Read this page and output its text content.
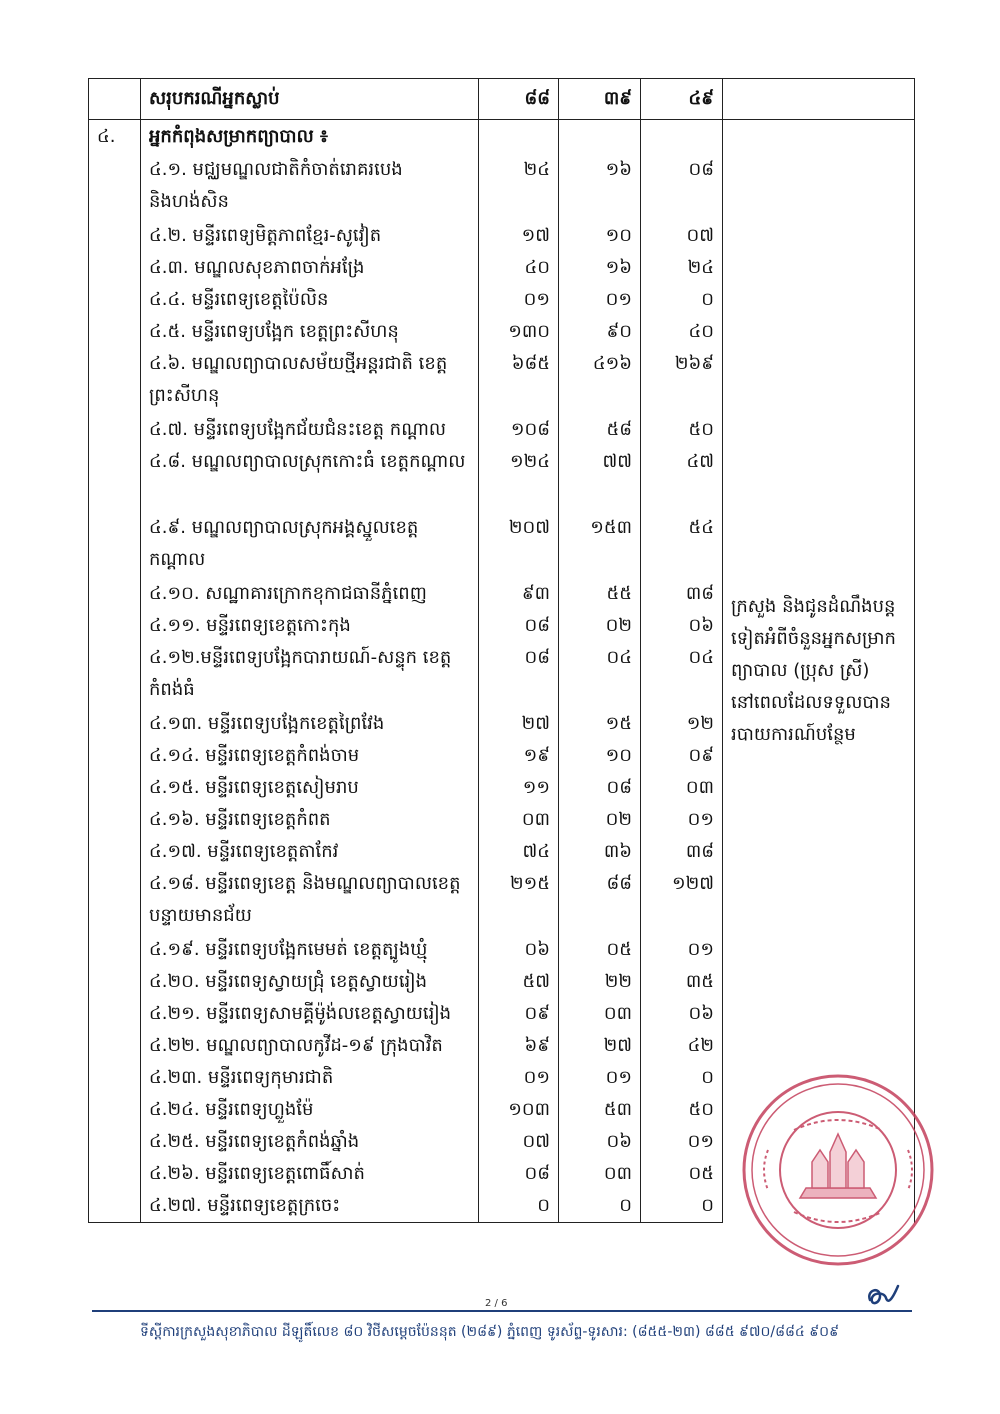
	សរុបករណីអ្នកស្លាប់	៨៨	៣៩	៤៩	
៤.	អ្នកកំពុងសម្រាកព្យាបាល ៖				ក្រសួង និងជូនដំណឹងបន្តទៀតអំពីចំនួនអ្នកសម្រាកព្យាបាល (ប្រុស ស្រី) នៅពេលដែលទទួលបានរបាយការណ៍បន្ថែម
	៤.១. មជ្ឈមណ្ឌលជាតិកំចាត់រោគរបេង និងហង់សិន	២៤	១៦	០៨	
	៤.២. មន្ទីរពេទ្យមិត្តភាពខ្មែរ-សូវៀត	១៧	១០	០៧	
	៤.៣. មណ្ឌលសុខភាពចាក់អង្រែ	៤០	១៦	២៤	
	៤.៤. មន្ទីរពេទ្យខេត្តប៉ៃលិន	០១	០១	០	
	៤.៥. មន្ទីរពេទ្យបង្អែក ខេត្តព្រះសីហនុ	១៣០	៩០	៤០	
	៤.៦. មណ្ឌលព្យាបាលសម័យថ្មីអន្តរជាតិ ខេត្តព្រះសីហនុ	៦៨៥	៤១៦	២៦៩	
	៤.៧. មន្ទីរពេទ្យបង្អែកជ័យជំនះខេត្ត កណ្ដាល	១០៨	៥៨	៥០	
	៤.៨. មណ្ឌលព្យាបាលស្រុកកោះធំ ខេត្តកណ្ដាល	១២៤	៧៧	៤៧	
	៤.៩. មណ្ឌលព្យាបាលស្រុកអង្គស្នួលខេត្តកណ្ដាល	២០៧	១៥៣	៥៤	
	៤.១០. សណ្ឋាគារក្រោកខុកាជធានីភ្នំពេញ	៩៣	៥៥	៣៨	
	៤.១១. មន្ទីរពេទ្យខេត្តកោះកុង	០៨	០២	០៦	
	៤.១២.មន្ទីរពេទ្យបង្អែកបារាយណ៍-សន្ទុក ខេត្តកំពង់ធំ	០៨	០៤	០៤	
	៤.១៣. មន្ទីរពេទ្យបង្អែកខេត្តព្រៃវែង	២៧	១៥	១២	
	៤.១៤. មន្ទីរពេទ្យខេត្តកំពង់ចាម	១៩	១០	០៩	
	៤.១៥. មន្ទីរពេទ្យខេត្តសៀមរាប	១១	០៨	០៣	
	៤.១៦. មន្ទីរពេទ្យខេត្តកំពត	០៣	០២	០១	
	៤.១៧. មន្ទីរពេទ្យខេត្តតាកែវ	៧៤	៣៦	៣៨	
	៤.១៨. មន្ទីរពេទ្យខេត្ត និងមណ្ឌលព្យាបាលខេត្តបន្ទាយមានជ័យ	២១៥	៨៨	១២៧	
	៤.១៩. មន្ទីរពេទ្យបង្អែកមេមត់ ខេត្តត្បូងឃ្មុំ	០៦	០៥	០១	
	៤.២០. មន្ទីរពេទ្យស្វាយជ្រុំ ខេត្តស្វាយរៀង	៥៧	២២	៣៥	
	៤.២១. មន្ទីរពេទ្យសាមគ្គីម៉ូង់លខេត្តស្វាយរៀង	០៩	០៣	០៦	
	៤.២២. មណ្ឌលព្យាបាលកូវីដ-១៩ ក្រុងបាវិត	៦៩	២៧	៤២	
	៤.២៣. មន្ទីរពេទ្យកុមារជាតិ	០១	០១	០	
	៤.២៤. មន្ទីរពេទ្យហ្លួងម៉ែ	១០៣	៥៣	៥០	
	៤.២៥. មន្ទីរពេទ្យខេត្តកំពង់ឆ្នាំង	០៧	០៦	០១	
	៤.២៦. មន្ទីរពេទ្យខេត្តពោធិ៍សាត់	០៨	០៣	០៥	
	៤.២៧. មន្ទីរពេទ្យខេត្តក្រចេះ	០	០	០	
2 / 6
ទីស្តីការក្រសួងសុខាភិបាល ដីឡូតិ៍លេខ ៨០ វិថីសម្ដេចប៉ែននុត (២៨៩) ភ្នំពេញ ទូរស័ព្ទ-ទូរសារ: (៨៥៥-២៣) ៨៨៥ ៩៧០/៨៨៤ ៩០៩
